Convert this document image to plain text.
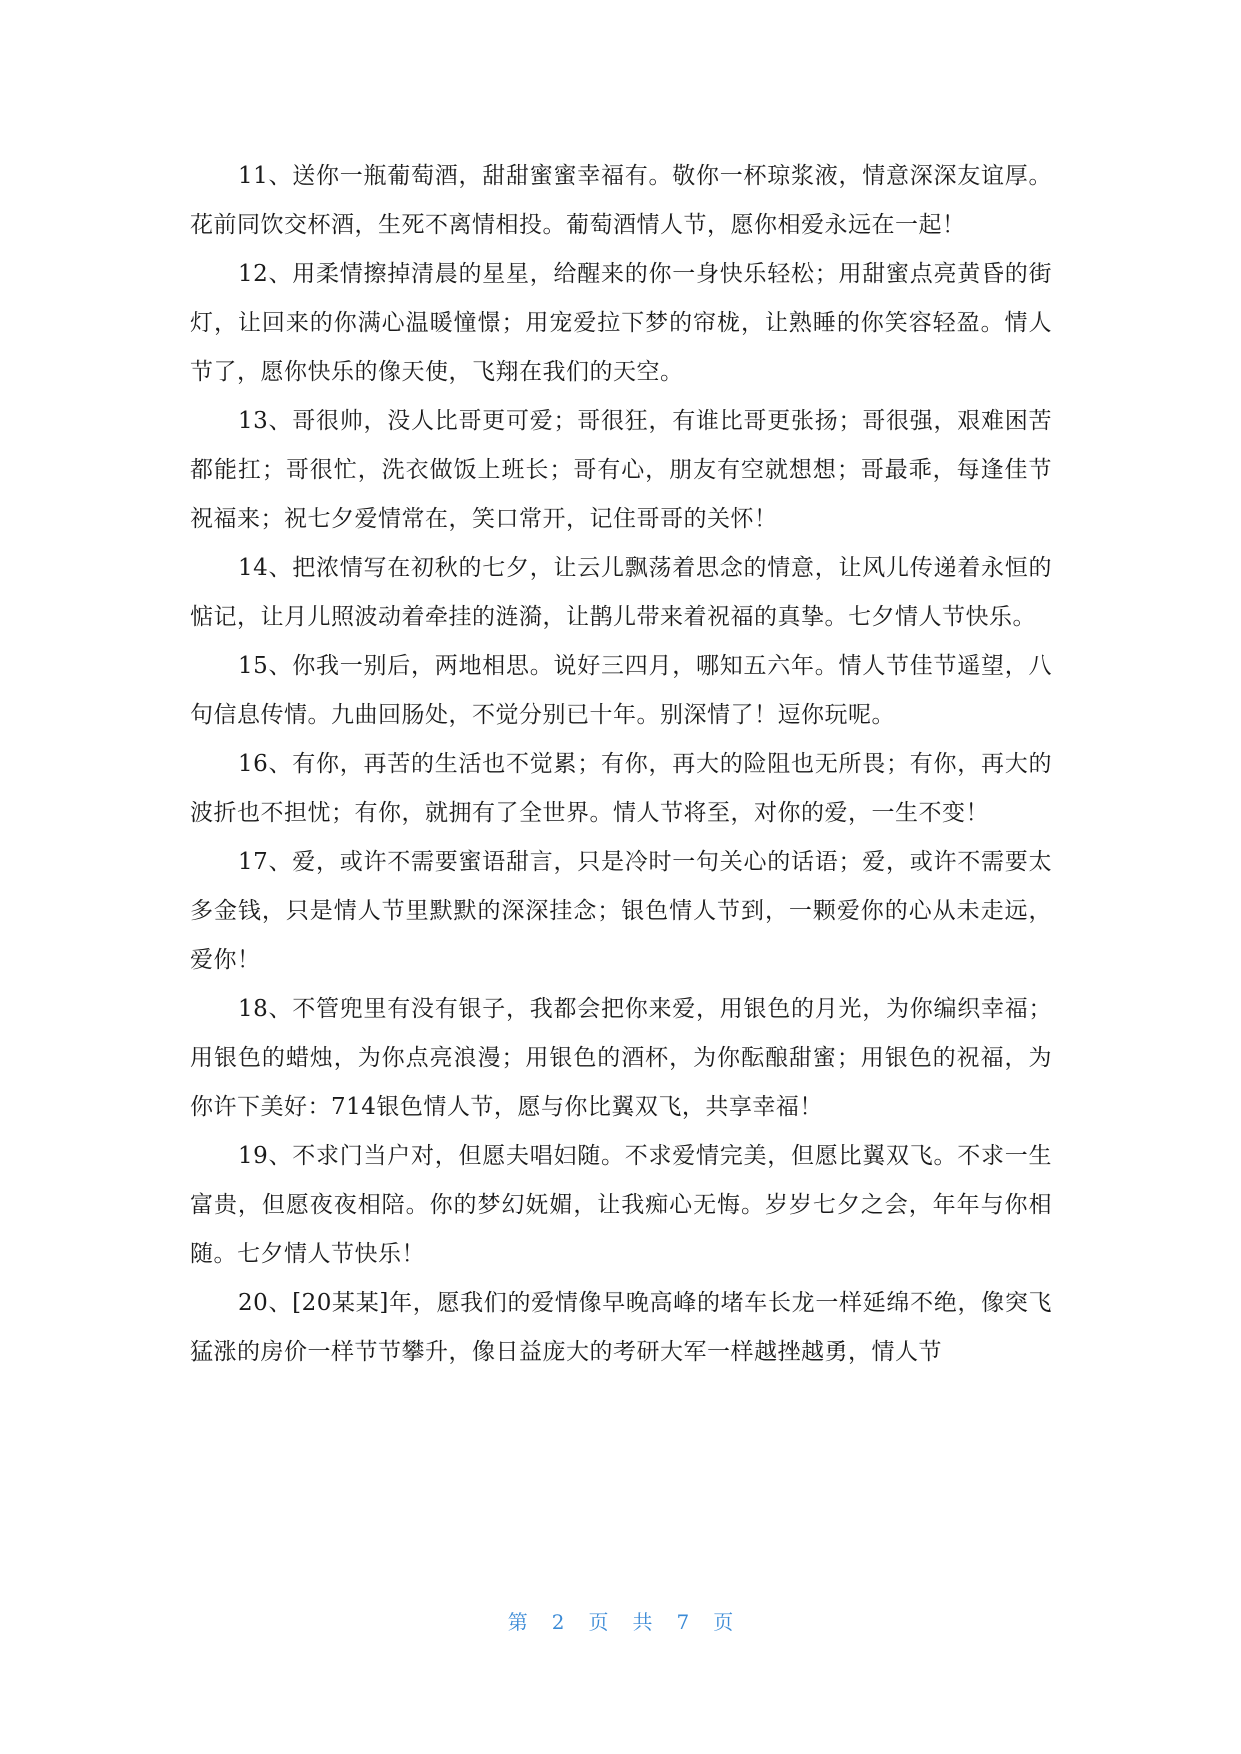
11、送你一瓶葡萄酒，甜甜蜜蜜幸福有。敬你一杯琼浆液，情意深深友谊厚。花前同饮交杯酒，生死不离情相投。葡萄酒情人节，愿你相爱永远在一起！

12、用柔情擦掉清晨的星星，给醒来的你一身快乐轻松；用甜蜜点亮黄昏的街灯，让回来的你满心温暖憧憬；用宠爱拉下梦的帘栊，让熟睡的你笑容轻盈。情人节了，愿你快乐的像天使，飞翔在我们的天空。

13、哥很帅，没人比哥更可爱；哥很狂，有谁比哥更张扬；哥很强，艰难困苦都能扛；哥很忙，洗衣做饭上班长；哥有心，朋友有空就想想；哥最乖，每逢佳节祝福来；祝七夕爱情常在，笑口常开，记住哥哥的关怀！

14、把浓情写在初秋的七夕，让云儿飘荡着思念的情意，让风儿传递着永恒的惦记，让月儿照波动着牵挂的涟漪，让鹊儿带来着祝福的真挚。七夕情人节快乐。

15、你我一别后，两地相思。说好三四月，哪知五六年。情人节佳节遥望，八句信息传情。九曲回肠处，不觉分别已十年。别深情了！逗你玩呢。

16、有你，再苦的生活也不觉累；有你，再大的险阻也无所畏；有你，再大的波折也不担忧；有你，就拥有了全世界。情人节将至，对你的爱，一生不变！

17、爱，或许不需要蜜语甜言，只是冷时一句关心的话语；爱，或许不需要太多金钱，只是情人节里默默的深深挂念；银色情人节到，一颗爱你的心从未走远，爱你！

18、不管兜里有没有银子，我都会把你来爱，用银色的月光，为你编织幸福；用银色的蜡烛，为你点亮浪漫；用银色的酒杯，为你酝酿甜蜜；用银色的祝福，为你许下美好：714银色情人节，愿与你比翼双飞，共享幸福！

19、不求门当户对，但愿夫唱妇随。不求爱情完美，但愿比翼双飞。不求一生富贵，但愿夜夜相陪。你的梦幻妩媚，让我痴心无悔。岁岁七夕之会，年年与你相随。七夕情人节快乐！

20、[20某某]年，愿我们的爱情像早晚高峰的堵车长龙一样延绵不绝，像突飞猛涨的房价一样节节攀升，像日益庞大的考研大军一样越挫越勇，情人节

第 2 页 共 7 页
